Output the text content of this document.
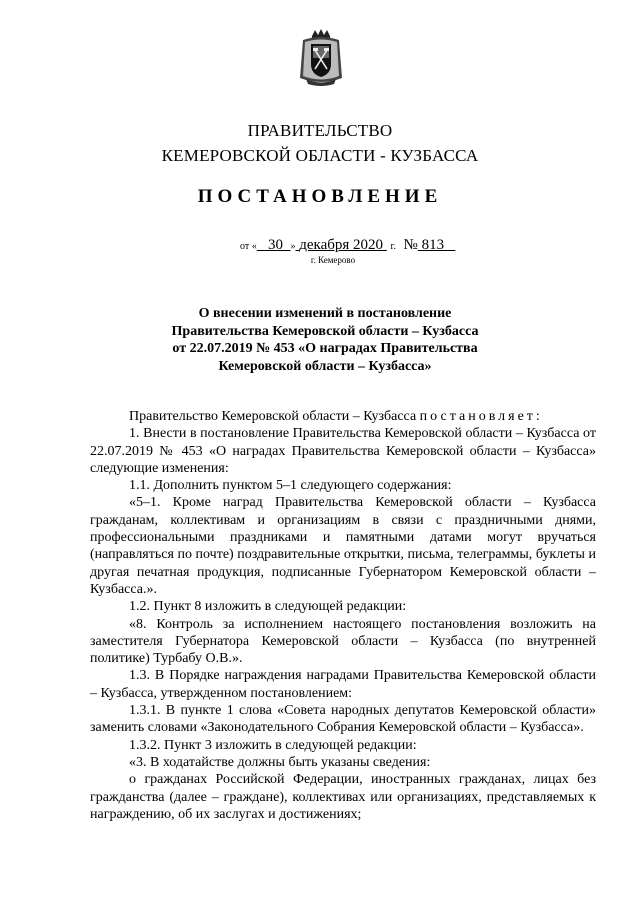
ПРАВИТЕЛЬСТВО
КЕМЕРОВСКОЙ ОБЛАСТИ - КУЗБАССА
ПОСТАНОВЛЕНИЕ
от « 30 » декабря 2020 г. № 813
г. Кемерово
О внесении изменений в постановление
Правительства Кемеровской области – Кузбасса
от 22.07.2019 № 453 «О наградах Правительства
Кемеровской области – Кузбасса»

Правительство Кемеровской области – Кузбасса постановляет:

1. Внести в постановление Правительства Кемеровской области – Кузбасса от 22.07.2019 № 453 «О наградах Правительства Кемеровской области – Кузбасса» следующие изменения:

1.1. Дополнить пунктом 5–1 следующего содержания:

«5–1. Кроме наград Правительства Кемеровской области – Кузбасса гражданам, коллективам и организациям в связи с праздничными днями, профессиональными праздниками и памятными датами могут вручаться (направляться по почте) поздравительные открытки, письма, телеграммы, буклеты и другая печатная продукция, подписанные Губернатором Кемеровской области – Кузбасса.».

1.2. Пункт 8 изложить в следующей редакции:

«8. Контроль за исполнением настоящего постановления возложить на заместителя Губернатора Кемеровской области – Кузбасса (по внутренней политике) Турбабу О.В.».

1.3. В Порядке награждения наградами Правительства Кемеровской области – Кузбасса, утвержденном постановлением:

1.3.1. В пункте 1 слова «Совета народных депутатов Кемеровской области» заменить словами «Законодательного Собрания Кемеровской области – Кузбасса».

1.3.2. Пункт 3 изложить в следующей редакции:

«3. В ходатайстве должны быть указаны сведения:

о гражданах Российской Федерации, иностранных гражданах, лицах без гражданства (далее – граждане), коллективах или организациях, представляемых к награждению, об их заслугах и достижениях;
